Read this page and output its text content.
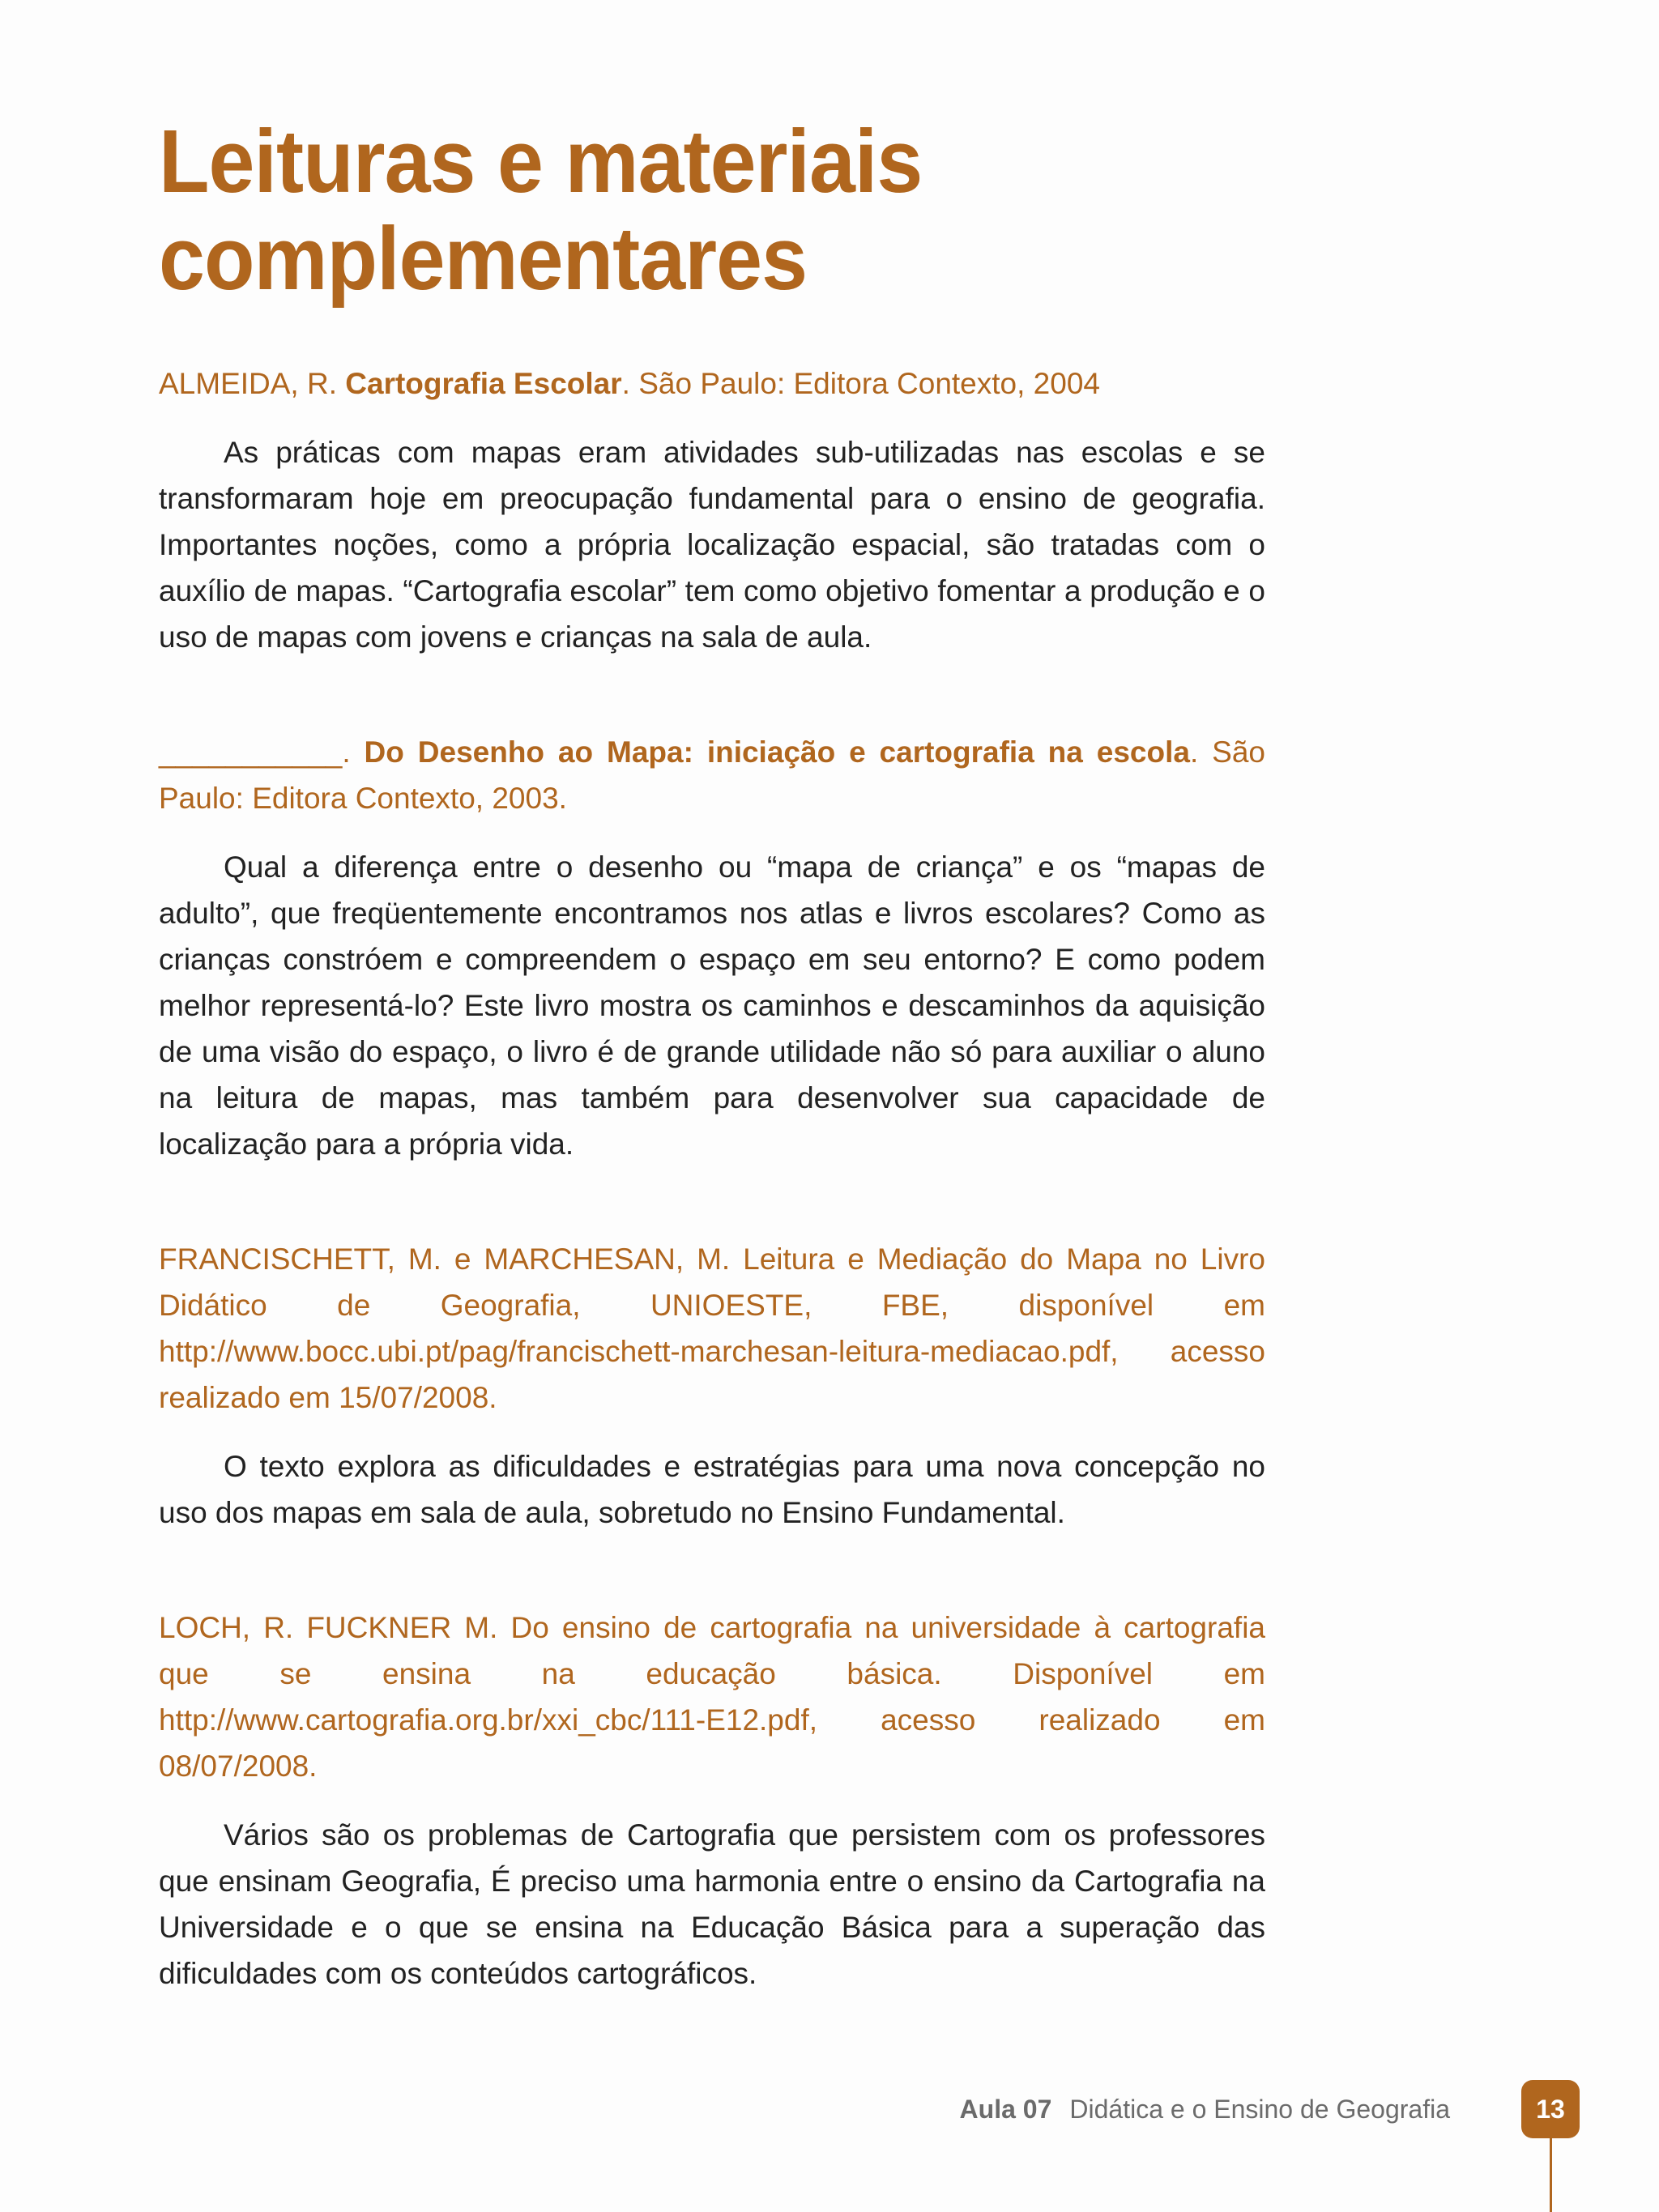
Leituras e materiais complementares

ALMEIDA, R. Cartografia Escolar. São Paulo: Editora Contexto, 2004

As práticas com mapas eram atividades sub-utilizadas nas escolas e se transformaram hoje em preocupação fundamental para o ensino de geografia. Importantes noções, como a própria localização espacial, são tratadas com o auxílio de mapas. “Cartografia escolar” tem como objetivo fomentar a produção e o uso de mapas com jovens e crianças na sala de aula.

___________. Do Desenho ao Mapa: iniciação e cartografia na escola. São Paulo: Editora Contexto, 2003.

Qual a diferença entre o desenho ou “mapa de criança” e os “mapas de adulto”, que freqüentemente encontramos nos atlas e livros escolares? Como as crianças constróem e compreendem o espaço em seu entorno? E como podem melhor representá-lo? Este livro mostra os caminhos e descaminhos da aquisição de uma visão do espaço, o livro é de grande utilidade não só para auxiliar o aluno na leitura de mapas, mas também para desenvolver sua capacidade de localização para a própria vida.

FRANCISCHETT, M. e MARCHESAN, M. Leitura e Mediação do Mapa no Livro Didático de Geografia, UNIOESTE, FBE, disponível em http://www.bocc.ubi.pt/pag/francischett-marchesan-leitura-mediacao.pdf, acesso realizado em 15/07/2008.

O texto explora as dificuldades e estratégias para uma nova concepção no uso dos mapas em sala de aula, sobretudo no Ensino Fundamental.

LOCH, R. FUCKNER M. Do ensino de cartografia na universidade à cartografia que se ensina na educação básica. Disponível em http://www.cartografia.org.br/xxi_cbc/111-E12.pdf, acesso realizado em 08/07/2008.

Vários são os problemas de Cartografia que persistem com os professores que ensinam Geografia, É preciso uma harmonia entre o ensino da Cartografia na Universidade e o que se ensina na Educação Básica para a superação das dificuldades com os conteúdos cartográficos.

Aula 07 Didática e o Ensino de Geografia	13
